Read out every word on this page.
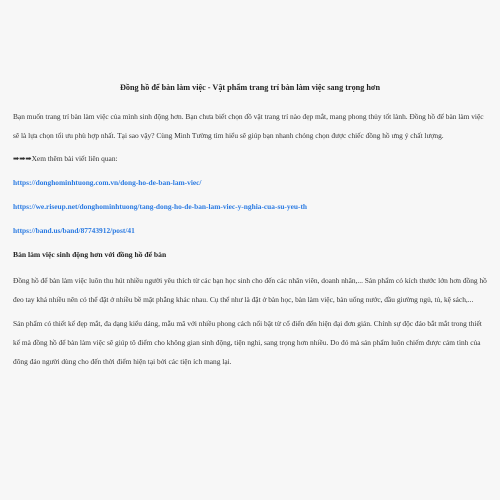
Đồng hồ để bàn làm việc - Vật phẩm trang trí bàn làm việc sang trọng hơn

Bạn muốn trang trí bàn làm việc của mình sinh động hơn. Bạn chưa biết chọn đồ vật trang trí nào đẹp mắt, mang phong thủy tốt lành. Đồng hồ để bàn làm việc sẽ là lựa chọn tối ưu phù hợp nhất. Tại sao vậy? Cùng Minh Tường tìm hiểu sẽ giúp bạn nhanh chóng chọn được chiếc đồng hồ ưng ý chất lượng.

➡➡➡Xem thêm bài viết liên quan:

https://donghominhtuong.com.vn/dong-ho-de-ban-lam-viec/
https://we.riseup.net/donghominhtuong/tang-dong-ho-de-ban-lam-viec-y-nghia-cua-su-yeu-th
https://band.us/band/87743912/post/41
Bàn làm việc sinh động hơn với đồng hồ để bàn

Đồng hồ để bàn làm việc luôn thu hút nhiều người yêu thích từ các bạn học sinh cho đến các nhân viên, doanh nhân,... Sản phẩm có kích thước lớn hơn đồng hồ đeo tay khá nhiều nên có thể đặt ở nhiều bề mặt phẳng khác nhau. Cụ thể như là đặt ở bàn học, bàn làm việc, bàn uống nước, đầu giường ngủ, tủ, kệ sách,...

Sản phẩm có thiết kế đẹp mắt, đa dạng kiểu dáng, mẫu mã với nhiều phong cách nổi bật từ cổ điển đến hiện đại đơn giản. Chính sự độc đáo bắt mắt trong thiết kế mà đồng hồ để bàn làm việc sẽ giúp tô điểm cho không gian sinh động, tiện nghi, sang trọng hơn nhiều. Do đó mà sản phẩm luôn chiếm được cảm tình của đông đảo người dùng cho đến thời điểm hiện tại bởi các tiện ích mang lại.
